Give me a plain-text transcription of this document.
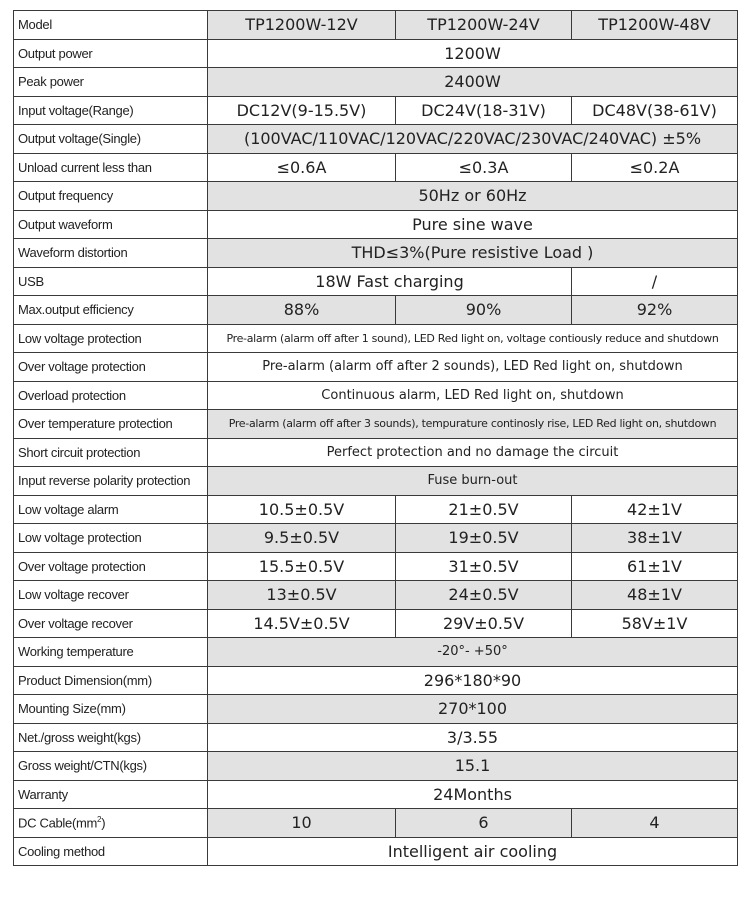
Model	TP1200W-12V	TP1200W-24V	TP1200W-48V
Output power	1200W		
Peak power	2400W		
Input voltage(Range)	DC12V(9-15.5V)	DC24V(18-31V)	DC48V(38-61V)
Output voltage(Single)	(100VAC/110VAC/120VAC/220VAC/230VAC/240VAC) ±5%		
Unload current less than	≤0.6A	≤0.3A	≤0.2A
Output frequency	50Hz or 60Hz		
Output waveform	Pure sine wave		
Waveform distortion	THD≤3%(Pure resistive Load )		
USB	18W Fast charging		/
Max.output efficiency	88%	90%	92%
Low voltage protection	Pre-alarm (alarm off after 1 sound), LED Red light on, voltage contiously reduce and shutdown		
Over voltage protection	Pre-alarm (alarm off after 2 sounds), LED Red light on, shutdown		
Overload protection	Continuous alarm, LED Red light on, shutdown		
Over temperature protection	Pre-alarm (alarm off after 3 sounds), tempurature continosly rise, LED Red light on, shutdown		
Short circuit protection	Perfect protection and no damage the circuit		
Input reverse polarity protection	Fuse burn-out		
Low voltage alarm	10.5±0.5V	21±0.5V	42±1V
Low voltage protection	9.5±0.5V	19±0.5V	38±1V
Over voltage protection	15.5±0.5V	31±0.5V	61±1V
Low voltage recover	13±0.5V	24±0.5V	48±1V
Over voltage recover	14.5V±0.5V	29V±0.5V	58V±1V
Working temperature	-20°- +50°		
Product Dimension(mm)	296*180*90		
Mounting Size(mm)	270*100		
Net./gross weight(kgs)	3/3.55		
Gross weight/CTN(kgs)	15.1		
Warranty	24Months		
DC $Cable(mm^2)$	10	6	4
Cooling method	Intelligent air cooling		
